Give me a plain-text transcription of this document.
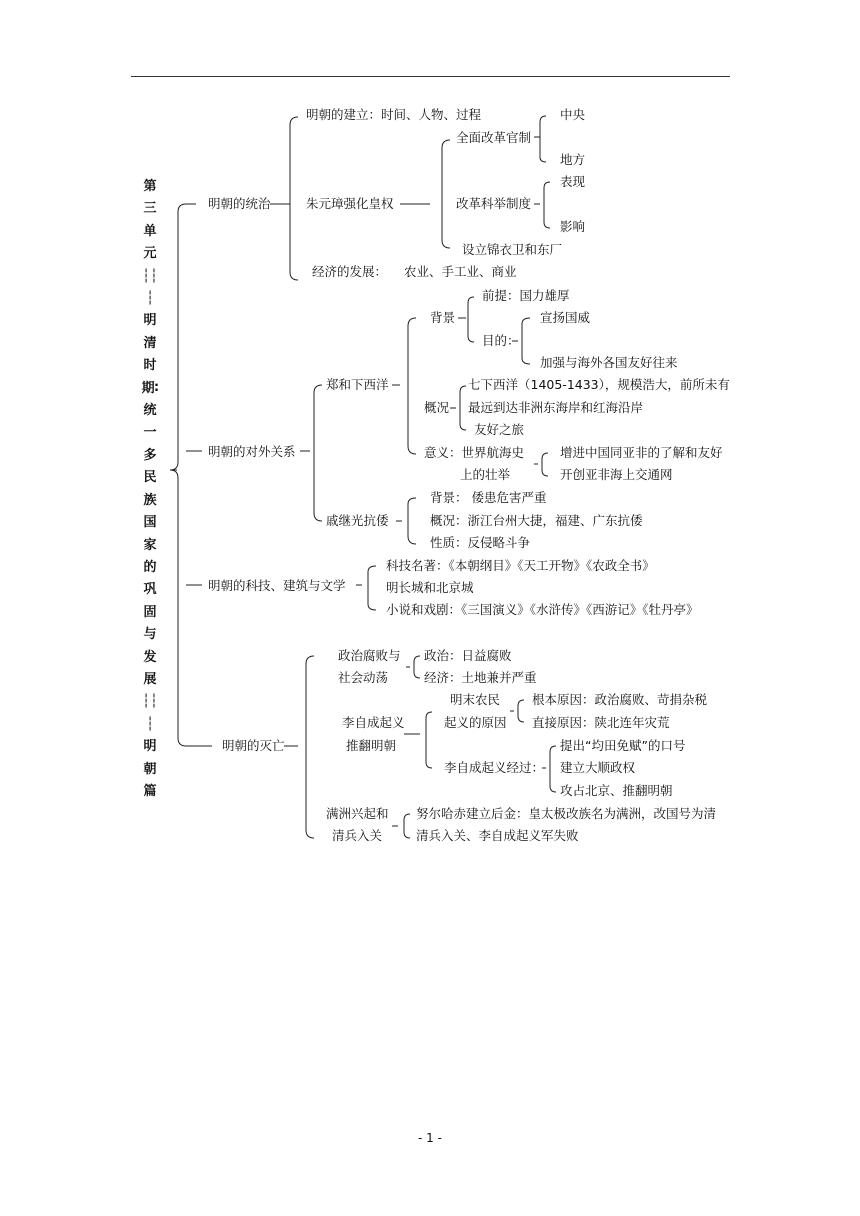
第三单元┆┆┆明清时期∶统一多民族国家的巩固与发展┆┆┆明朝篇
明朝的统治
明朝的建立：时间、人物、过程
朱元璋强化皇权
全面改革官制
中央
地方
改革科举制度
表现
影响
设立锦衣卫和东厂
经济的发展： 农业、手工业、商业
明朝的对外关系
郑和下西洋
背景
前提：国力雄厚
目的：
宣扬国威
加强与海外各国友好往来
概况
七下西洋（1405-1433），规模浩大，前所未有
最远到达非洲东海岸和红海沿岸
友好之旅
意义：世界航海史
上的壮举
增进中国同亚非的了解和友好
开创亚非海上交通网
戚继光抗倭
背景： 倭患危害严重
概况：浙江台州大捷，福建、广东抗倭
性质：反侵略斗争
明朝的科技、建筑与文学
科技名著：《本朝纲目》《天工开物》《农政全书》
明长城和北京城
小说和戏剧：《三国演义》《水浒传》《西游记》《牡丹亭》
明朝的灭亡
政治腐败与
社会动荡
政治：日益腐败
经济：土地兼并严重
李自成起义
推翻明朝
明末农民
起义的原因
根本原因：政治腐败、苛捐杂税
直接原因：陕北连年灾荒
李自成起义经过：
提出“均田免赋”的口号
建立大顺政权
攻占北京、推翻明朝
满洲兴起和
清兵入关
努尔哈赤建立后金：皇太极改族名为满洲，改国号为清
清兵入关、李自成起义军失败
- 1 -
